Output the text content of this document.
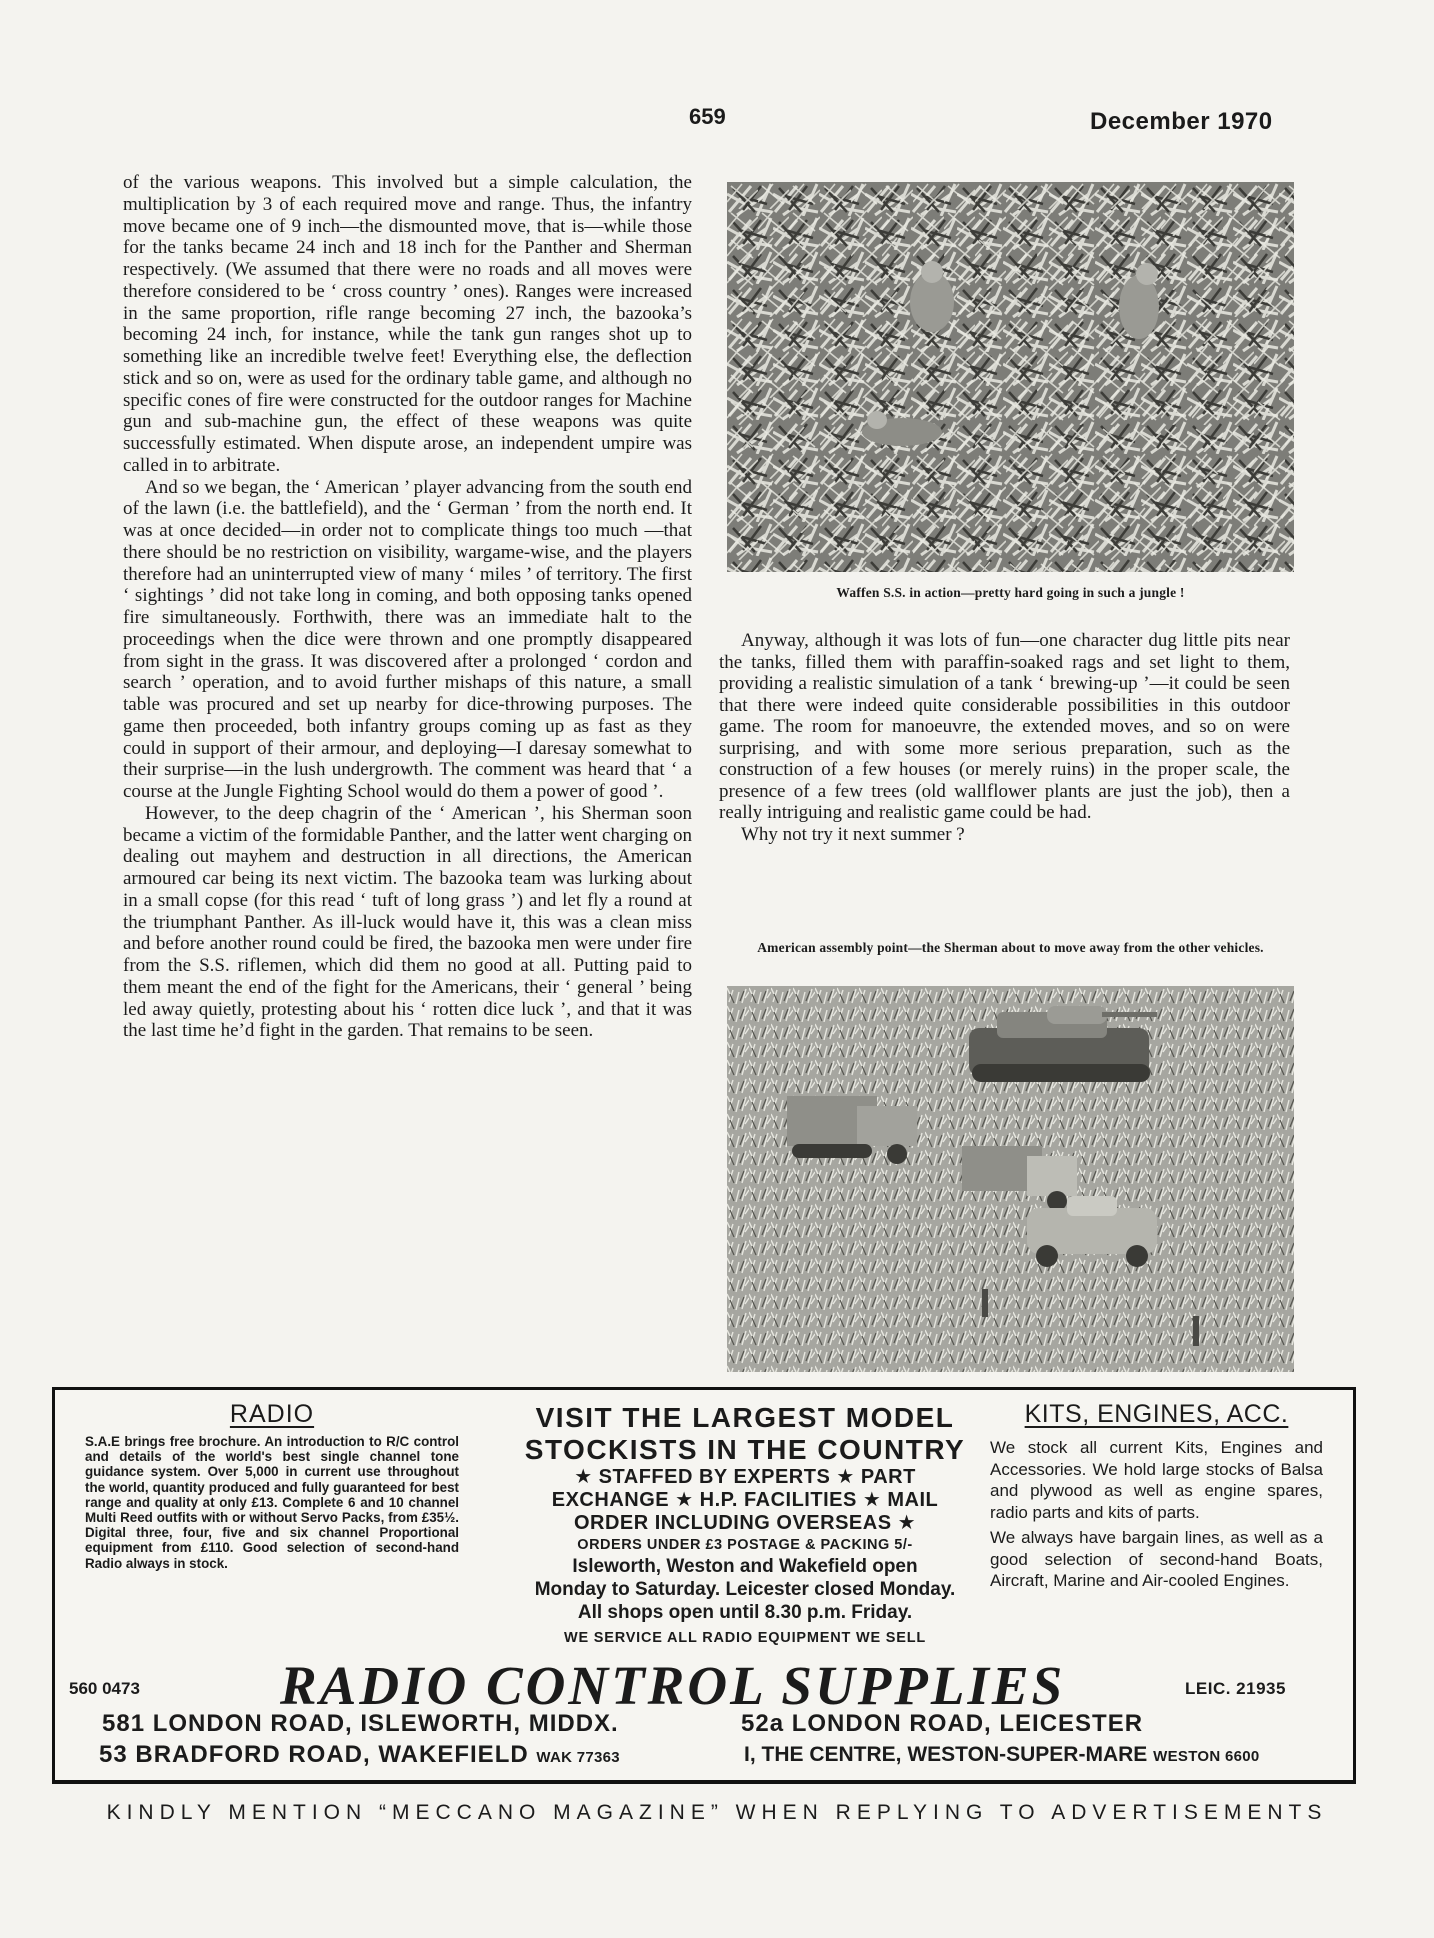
659	December 1970

of the various weapons. This involved but a simple calculation, the multiplication by 3 of each required move and range. Thus, the infantry move became one of 9 inch—the dismounted move, that is—while those for the tanks became 24 inch and 18 inch for the Panther and Sherman respectively. (We assumed that there were no roads and all moves were therefore considered to be ‘ cross country ’ ones). Ranges were increased in the same proportion, rifle range becoming 27 inch, the bazooka’s becoming 24 inch, for instance, while the tank gun ranges shot up to something like an incredible twelve feet! Everything else, the deflection stick and so on, were as used for the ordinary table game, and although no specific cones of fire were constructed for the outdoor ranges for Machine gun and sub-machine gun, the effect of these weapons was quite successfully estimated. When dispute arose, an independent umpire was called in to arbitrate.

And so we began, the ‘ American ’ player advancing from the south end of the lawn (i.e. the battlefield), and the ‘ German ’ from the north end. It was at once decided—in order not to complicate things too much —that there should be no restriction on visibility, wargame-wise, and the players therefore had an uninterrupted view of many ‘ miles ’ of territory. The first ‘ sightings ’ did not take long in coming, and both opposing tanks opened fire simultaneously. Forthwith, there was an immediate halt to the proceedings when the dice were thrown and one promptly disappeared from sight in the grass. It was discovered after a prolonged ‘ cordon and search ’ operation, and to avoid further mishaps of this nature, a small table was procured and set up nearby for dice-throwing purposes. The game then proceeded, both infantry groups coming up as fast as they could in support of their armour, and deploying—I daresay somewhat to their surprise—in the lush undergrowth. The comment was heard that ‘ a course at the Jungle Fighting School would do them a power of good ’.

However, to the deep chagrin of the ‘ American ’, his Sherman soon became a victim of the formidable Panther, and the latter went charging on dealing out mayhem and destruction in all directions, the American armoured car being its next victim. The bazooka team was lurking about in a small copse (for this read ‘ tuft of long grass ’) and let fly a round at the triumphant Panther. As ill-luck would have it, this was a clean miss and before another round could be fired, the bazooka men were under fire from the S.S. riflemen, which did them no good at all. Putting paid to them meant the end of the fight for the Americans, their ‘ general ’ being led away quietly, protesting about his ‘ rotten dice luck ’, and that it was the last time he’d fight in the garden. That remains to be seen.

Waffen S.S. in action—pretty hard going in such a jungle !

Anyway, although it was lots of fun—one character dug little pits near the tanks, filled them with paraffin-soaked rags and set light to them, providing a realistic simulation of a tank ‘ brewing-up ’—it could be seen that there were indeed quite considerable possibilities in this outdoor game. The room for manoeuvre, the extended moves, and so on were surprising, and with some more serious preparation, such as the construction of a few houses (or merely ruins) in the proper scale, the presence of a few trees (old wallflower plants are just the job), then a really intriguing and realistic game could be had.

Why not try it next summer ?

American assembly point—the Sherman about to move away from the other vehicles.
RADIO

S.A.E brings free brochure. An introduction to R/C control and details of the world's best single channel tone guidance system. Over 5,000 in current use throughout the world, quantity produced and fully guaranteed for best range and quality at only £13. Complete 6 and 10 channel Multi Reed outfits with or without Servo Packs, from £35½. Digital three, four, five and six channel Proportional equipment from £110. Good selection of second-hand Radio always in stock.

VISIT THE LARGEST MODEL
STOCKISTS IN THE COUNTRY
★ STAFFED BY EXPERTS ★ PART
EXCHANGE ★ H.P. FACILITIES ★ MAIL
ORDER INCLUDING OVERSEAS ★
ORDERS UNDER £3 POSTAGE & PACKING 5/-
Isleworth, Weston and Wakefield open
Monday to Saturday. Leicester closed Monday.
All shops open until 8.30 p.m. Friday.
WE SERVICE ALL RADIO EQUIPMENT WE SELL
KITS, ENGINES, ACC.

We stock all current Kits, Engines and Accessories. We hold large stocks of Balsa and plywood as well as engine spares, radio parts and kits of parts.

We always have bargain lines, as well as a good selection of second-hand Boats, Aircraft, Marine and Air-cooled Engines.

560 0473	RADIO CONTROL SUPPLIES	LEIC. 21935
581 LONDON ROAD, ISLEWORTH, MIDDX.	52a LONDON ROAD, LEICESTER
53 BRADFORD ROAD, WAKEFIELD WAK 77363	I, THE CENTRE, WESTON-SUPER-MARE WESTON 6600
KINDLY MENTION “MECCANO MAGAZINE” WHEN REPLYING TO ADVERTISEMENTS
